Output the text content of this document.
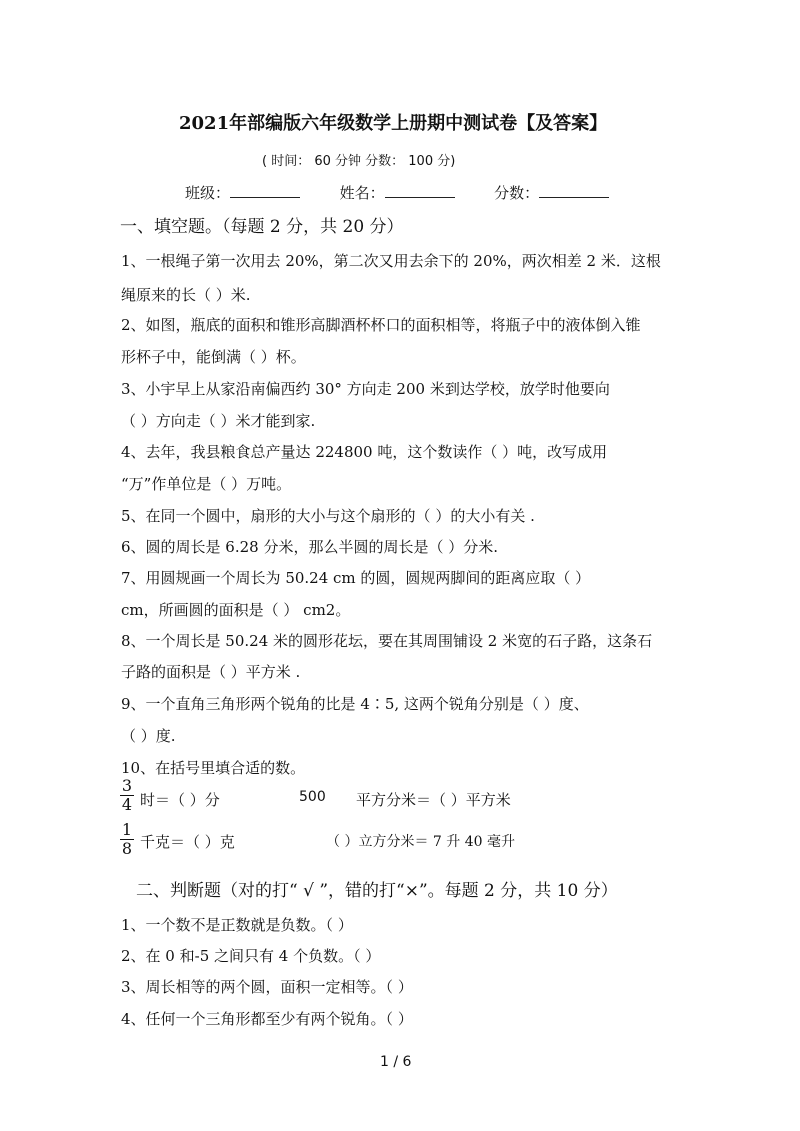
2021年部编版六年级数学上册期中测试卷【及答案】
( 时间： 60 分钟 分数： 100 分)
班级：	姓名：	分数：
一、填空题。（每题 2 分，共 20 分）
1、一根绳子第一次用去 20%，第二次又用去余下的 20%，两次相差 2 米．这根
绳原来的长（ ）米.
2、如图，瓶底的面积和锥形高脚酒杯杯口的面积相等，将瓶子中的液体倒入锥
形杯子中，能倒满（ ）杯。
3、小宇早上从家沿南偏西约 30° 方向走 200 米到达学校，放学时他要向
（ ）方向走（ ）米才能到家.
4、去年，我县粮食总产量达 224800 吨，这个数读作（ ）吨，改写成用
“万”作单位是（ ）万吨。
5、在同一个圆中，扇形的大小与这个扇形的（ ）的大小有关 .
6、圆的周长是 6.28 分米，那么半圆的周长是（ ）分米.
7、用圆规画一个周长为 50.24 cm 的圆，圆规两脚间的距离应取（ ）
cm，所画圆的面积是（ ） cm2。
8、一个周长是 50.24 米的圆形花坛，要在其周围铺设 2 米宽的石子路，这条石
子路的面积是（ ）平方米 .
9、一个直角三角形两个锐角的比是 4∶5, 这两个锐角分别是（ ）度、
（ ）度.
10、在括号里填合适的数。
3
4 时＝（ ）分	500 平方分米＝（ ）平方米
1
8 千克＝（ ）克	（ ）立方分米＝ 7 升 40 毫升
二、判断题（对的打“ √ ”，错的打“×”。每题 2 分，共 10 分）
1、一个数不是正数就是负数。（ ）
2、在 0 和-5 之间只有 4 个负数。（ ）
3、周长相等的两个圆，面积一定相等。（ ）
4、任何一个三角形都至少有两个锐角。（ ）
1 / 6
